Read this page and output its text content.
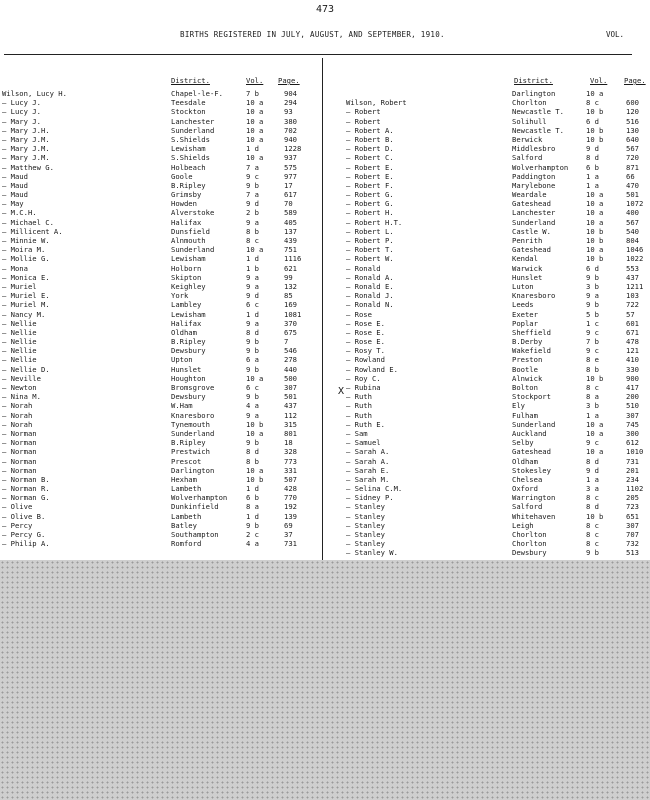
473
BIRTHS REGISTERED IN JULY, AUGUST, AND SEPTEMBER, 1910.	VOL.
District.	Vol. Page.
Wilson, Lucy H.	Chapel-le-F.	7 b	904
— Lucy J.	Teesdale	10 a	294
— Lucy J.	Stockton	10 a	93
— Mary J.	Lanchester	10 a	380
— Mary J.H.	Sunderland	10 a	702
— Mary J.M.	S.Shields	10 a	940
— Mary J.M.	Lewisham	1 d	1228
— Mary J.M.	S.Shields	10 a	937
— Matthew G.	Holbeach	7 a	575
— Maud	Goole	9 c	977
— Maud	B.Ripley	9 b	17
— Maud	Grimsby	7 a	617
— May	Howden	9 d	70
— M.C.H.	Alverstoke	2 b	589
— Michael C.	Halifax	9 a	405
— Millicent A.	Dunsfield	8 b	137
— Minnie W.	Alnmouth	8 c	439
— Moira M.	Sunderland	10 a	751
— Mollie G.	Lewisham	1 d	1116
— Mona	Holborn	1 b	621
— Monica E.	Skipton	9 a	99
— Muriel	Keighley	9 a	132
— Muriel E.	York	9 d	85
— Muriel M.	Lambley	6 c	169
— Nancy M.	Lewisham	1 d	1081
— Nellie	Halifax	9 a	370
— Nellie	Oldham	8 d	675
— Nellie	B.Ripley	9 b	7
— Nellie	Dewsbury	9 b	546
— Nellie	Upton	6 a	278
— Nellie D.	Hunslet	9 b	440
— Neville	Houghton	10 a	500
— Newton	Bromsgrove	6 c	307
— Nina M.	Dewsbury	9 b	501
— Norah	W.Ham	4 a	437
— Norah	Knaresboro	9 a	112
— Norah	Tynemouth	10 b	315
— Norman	Sunderland	10 a	801
— Norman	B.Ripley	9 b	18
— Norman	Prestwich	8 d	328
— Norman	Prescot	8 b	773
— Norman	Darlington	10 a	331
— Norman B.	Hexham	10 b	507
— Norman R.	Lambeth	1 d	428
— Norman G.	Wolverhampton	6 b	770
— Olive	Dunkinfield	8 a	192
— Olive B.	Lambeth	1 d	139
— Percy	Batley	9 b	69
— Percy G.	Southampton	2 c	37
— Philip A.	Romford	4 a	731
District.	Vol. Page.
Darlington	10 a
Wilson, Robert	Chorlton	8 c	600
— Robert	Newcastle T.	10 b	120
— Robert	Solihull	6 d	516
— Robert A.	Newcastle T.	10 b	130
— Robert B.	Berwick	10 b	640
— Robert D.	Middlesbro	9 d	567
— Robert C.	Salford	8 d	720
— Robert E.	Wolverhampton	6 b	871
— Robert E.	Paddington	1 a	66
— Robert F.	Marylebone	1 a	470
— Robert G.	Weardale	10 a	501
— Robert G.	Gateshead	10 a	1072
— Robert H.	Lanchester	10 a	400
— Robert H.T.	Sunderland	10 a	567
— Robert L.	Castle W.	10 b	540
— Robert P.	Penrith	10 b	804
— Robert T.	Gateshead	10 a	1046
— Robert W.	Kendal	10 b	1022
— Ronald	Warwick	6 d	553
— Ronald A.	Hunslet	9 b	437
— Ronald E.	Luton	3 b	1211
— Ronald J.	Knaresboro	9 a	103
— Ronald N.	Leeds	9 b	722
— Rose	Exeter	5 b	57
— Rose E.	Poplar	1 c	601
— Rose E.	Sheffield	9 c	671
— Rose E.	B.Derby	7 b	478
— Rosy T.	Wakefield	9 c	121
— Rowland	Preston	8 e	410
— Rowland E.	Bootle	8 b	330
— Roy C.	Alnwick	10 b	900
— Rubina	Bolton	8 c	417
— Ruth	Stockport	8 a	200
— Ruth	Ely	3 b	510
— Ruth	Fulham	1 a	307
— Ruth E.	Sunderland	10 a	745
— Sam	Auckland	10 a	300
— Samuel	Selby	9 c	612
— Sarah A.	Gateshead	10 a	1010
— Sarah A.	Oldham	8 d	731
— Sarah E.	Stokesley	9 d	201
— Sarah M.	Chelsea	1 a	234
— Selina C.M.	Oxford	3 a	1102
— Sidney P.	Warrington	8 c	205
— Stanley	Salford	8 d	723
— Stanley	Whitehaven	10 b	651
— Stanley	Leigh	8 c	307
— Stanley	Chorlton	8 c	707
— Stanley	Chorlton	8 c	732
— Stanley W.	Dewsbury	9 b	513
X
